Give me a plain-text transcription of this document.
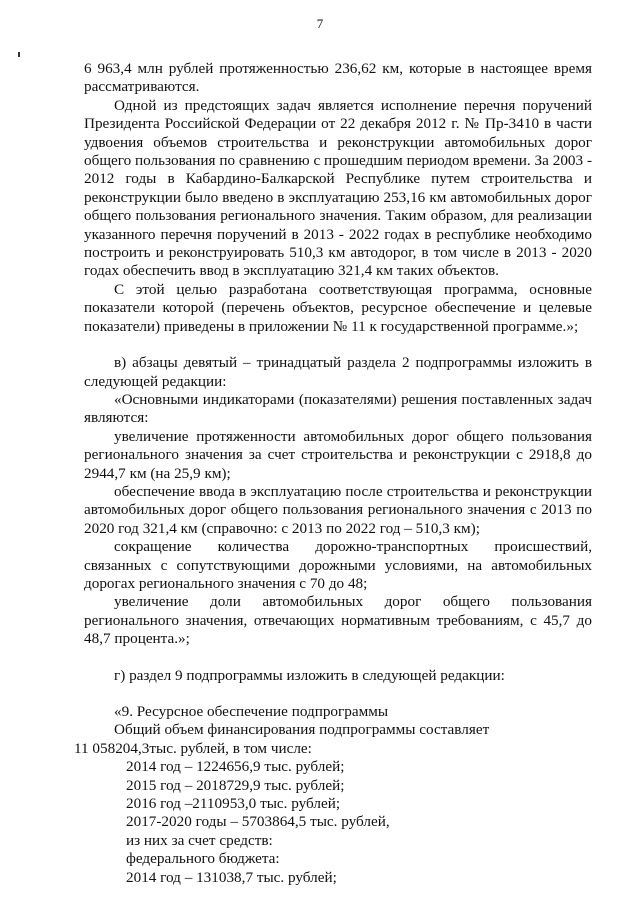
7

6 963,4 млн рублей протяженностью 236,62 км, которые в настоящее время рассматриваются.

Одной из предстоящих задач является исполнение перечня поручений Президента Российской Федерации от 22 декабря 2012 г. № Пр-3410 в части удвоения объемов строительства и реконструкции автомобильных дорог общего пользования по сравнению с прошедшим периодом времени. За 2003 - 2012 годы в Кабардино-Балкарской Республике путем строительства и реконструкции было введено в эксплуатацию 253,16 км автомобильных дорог общего пользования регионального значения. Таким образом, для реализации указанного перечня поручений в 2013 - 2022 годах в республике необходимо построить и реконструировать 510,3 км автодорог, в том числе в 2013 - 2020 годах обеспечить ввод в эксплуатацию 321,4 км таких объектов.

С этой целью разработана соответствующая программа, основные показатели которой (перечень объектов, ресурсное обеспечение и целевые показатели) приведены в приложении № 11 к государственной программе.»;

в) абзацы девятый – тринадцатый раздела 2 подпрограммы изложить в следующей редакции:

«Основными индикаторами (показателями) решения поставленных задач являются:

увеличение протяженности автомобильных дорог общего пользования регионального значения за счет строительства и реконструкции с 2918,8 до 2944,7 км (на 25,9 км);

обеспечение ввода в эксплуатацию после строительства и реконструкции автомобильных дорог общего пользования регионального значения с 2013 по 2020 год 321,4 км (справочно: с 2013 по 2022 год – 510,3 км);

сокращение количества дорожно-транспортных происшествий, связанных с сопутствующими дорожными условиями, на автомобильных дорогах регионального значения с 70 до 48;

увеличение доли автомобильных дорог общего пользования регионального значения, отвечающих нормативным требованиям, с 45,7 до 48,7 процента.»;

г) раздел 9 подпрограммы изложить в следующей редакции:

«9. Ресурсное обеспечение подпрограммы

Общий объем финансирования подпрограммы составляет

11 058204,3тыс. рублей, в том числе:

2014 год – 1224656,9 тыс. рублей;

2015 год – 2018729,9 тыс. рублей;

2016 год –2110953,0 тыс. рублей;

2017-2020 годы – 5703864,5 тыс. рублей,

из них за счет средств:

федерального бюджета:

2014 год – 131038,7 тыс. рублей;
